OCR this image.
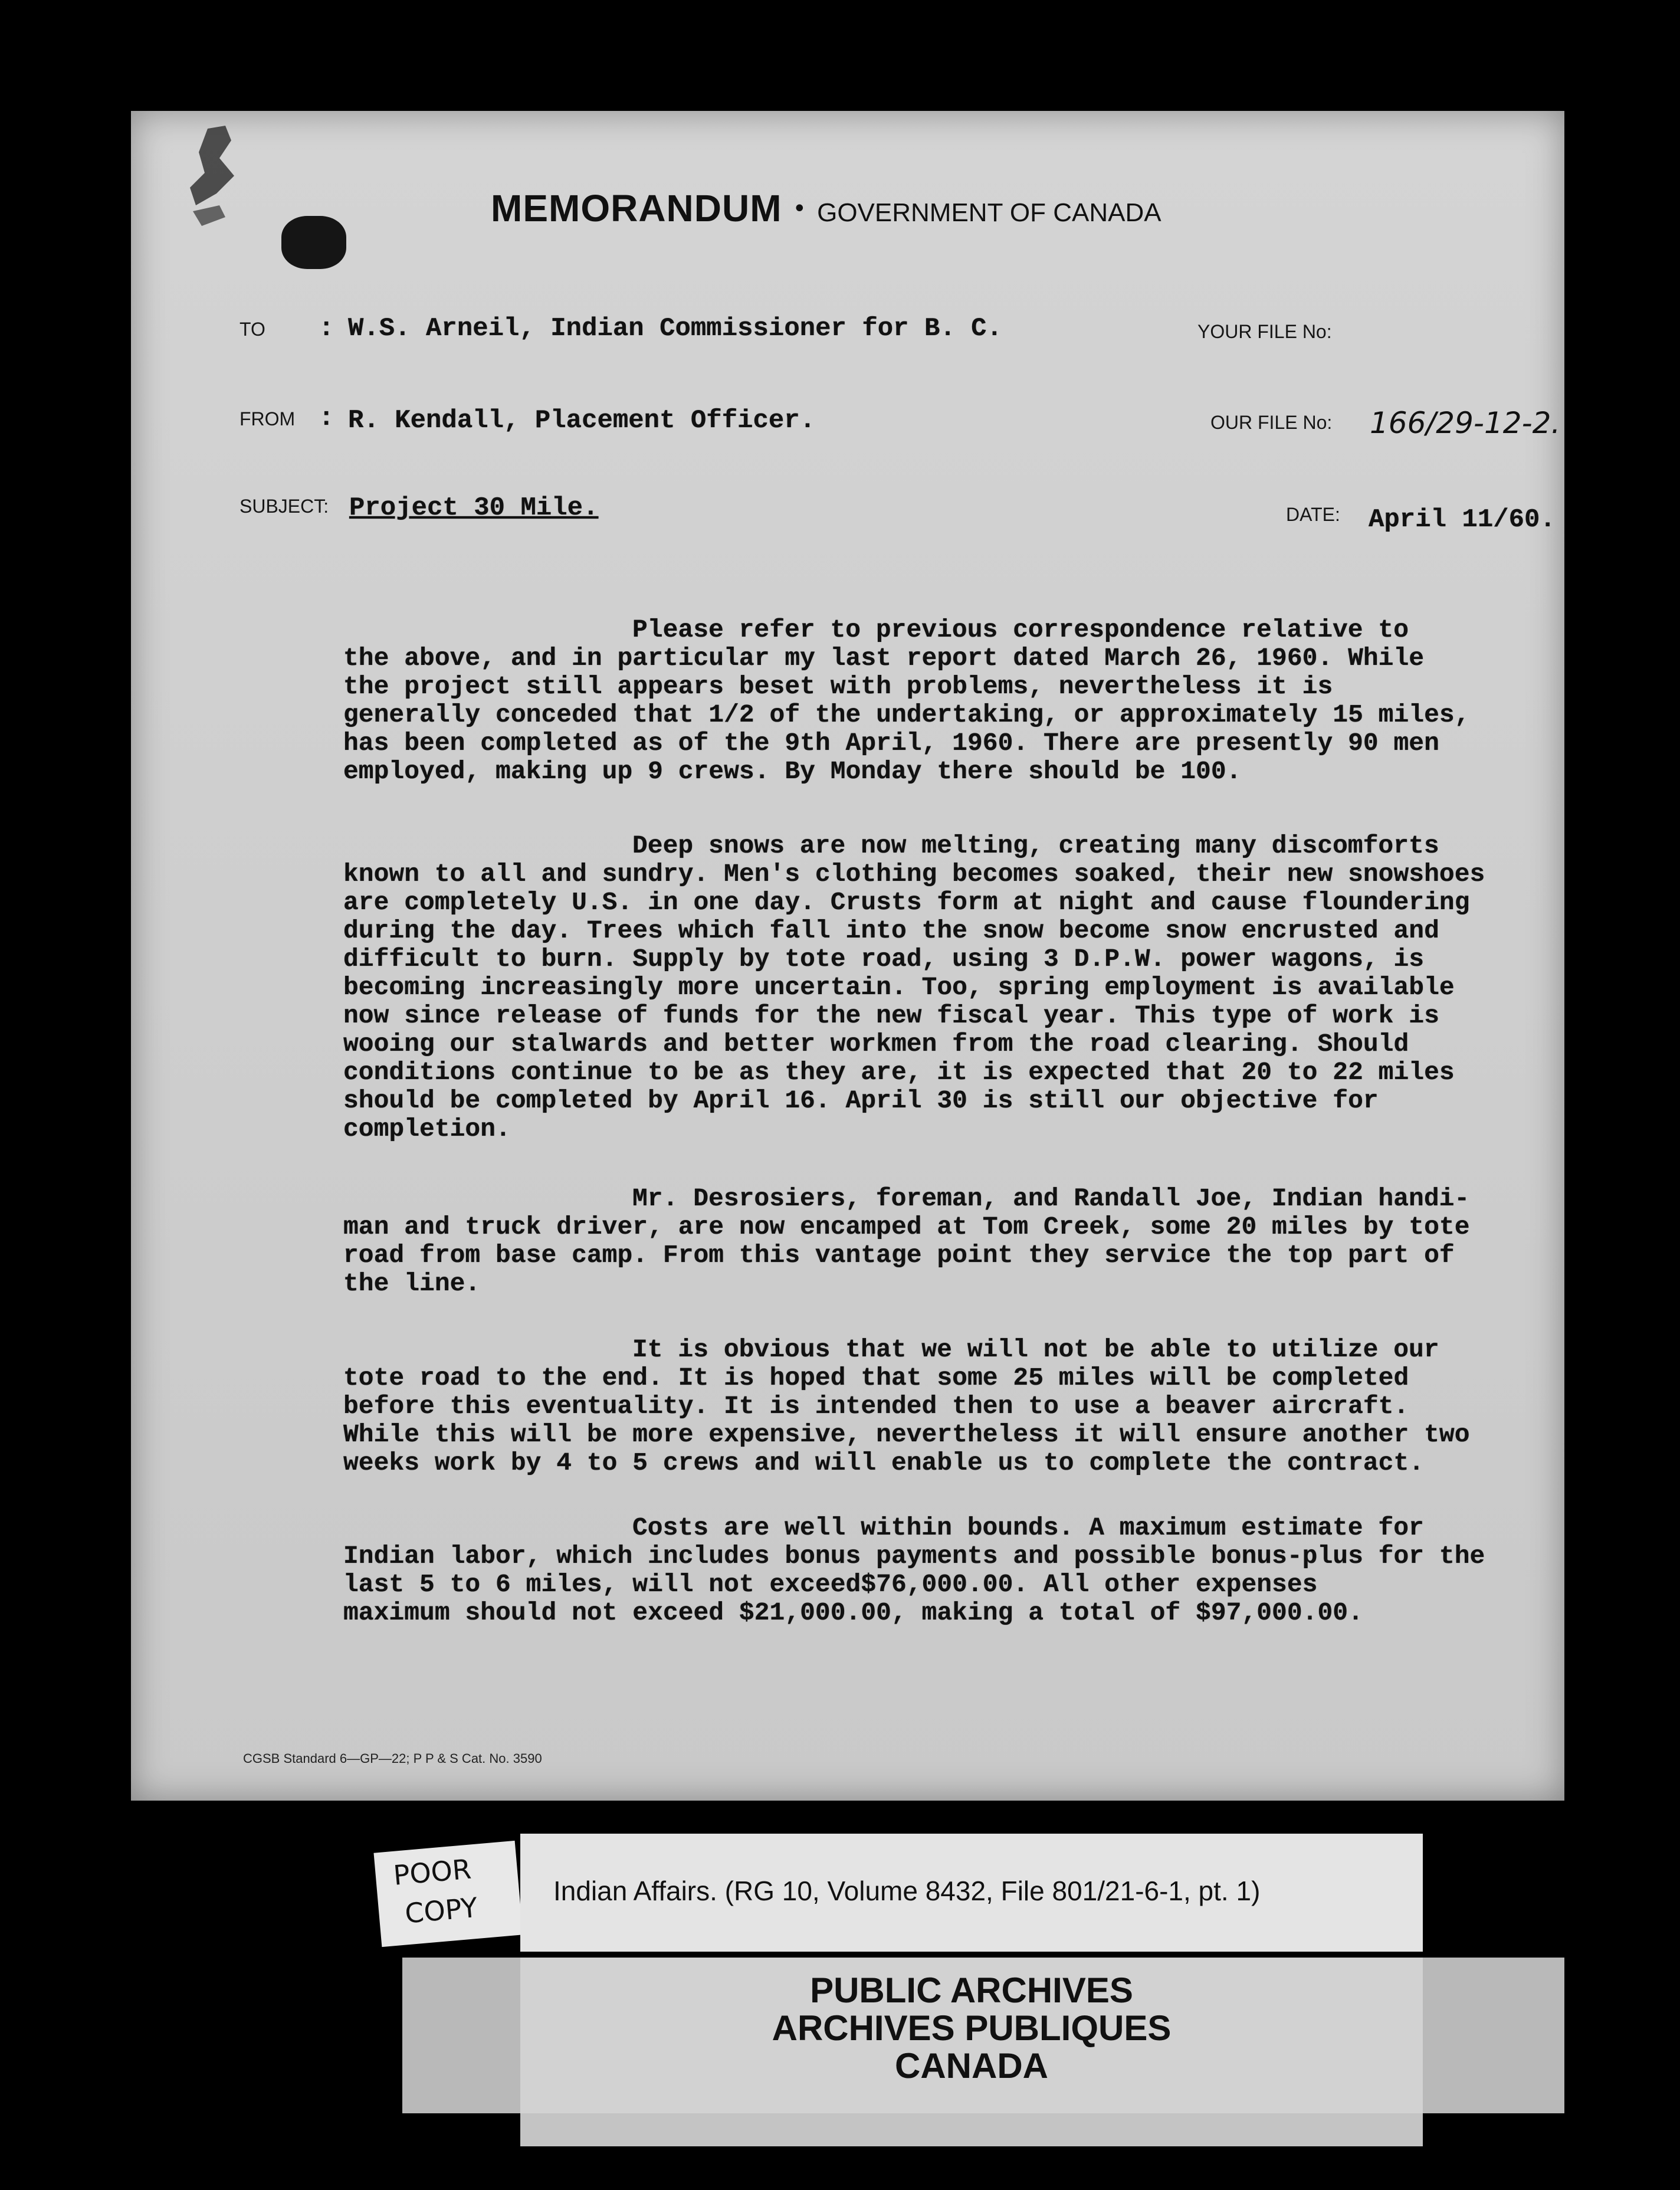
MEMORANDUM • GOVERNMENT OF CANADA
TO : W.S. Arneil, Indian Commissioner for B. C.	YOUR FILE No:
FROM : R. Kendall, Placement Officer.	OUR FILE No: 166/29-12-2.
SUBJECT: Project 30 Mile.	DATE: April 11/60.
Please refer to previous correspondence relative to
the above, and in particular my last report dated March 26, 1960. While
the project still appears beset with problems, nevertheless it is
generally conceded that 1/2 of the undertaking, or approximately 15 miles,
has been completed as of the 9th April, 1960. There are presently 90 men
employed, making up 9 crews. By Monday there should be 100.
Deep snows are now melting, creating many discomforts
known to all and sundry. Men's clothing becomes soaked, their new snowshoes
are completely U.S. in one day. Crusts form at night and cause floundering
during the day. Trees which fall into the snow become snow encrusted and
difficult to burn. Supply by tote road, using 3 D.P.W. power wagons, is
becoming increasingly more uncertain. Too, spring employment is available
now since release of funds for the new fiscal year. This type of work is
wooing our stalwards and better workmen from the road clearing. Should
conditions continue to be as they are, it is expected that 20 to 22 miles
should be completed by April 16. April 30 is still our objective for
completion.
Mr. Desrosiers, foreman, and Randall Joe, Indian handi-
man and truck driver, are now encamped at Tom Creek, some 20 miles by tote
road from base camp. From this vantage point they service the top part of
the line.
It is obvious that we will not be able to utilize our
tote road to the end. It is hoped that some 25 miles will be completed
before this eventuality. It is intended then to use a beaver aircraft.
While this will be more expensive, nevertheless it will ensure another two
weeks work by 4 to 5 crews and will enable us to complete the contract.
Costs are well within bounds. A maximum estimate for
Indian labor, which includes bonus payments and possible bonus-plus for the
last 5 to 6 miles, will not exceed$76,000.00. All other expenses
maximum should not exceed $21,000.00, making a total of $97,000.00.
CGSB Standard 6—GP—22; P P & S Cat. No. 3590
POOR
COPY
Indian Affairs. (RG 10, Volume 8432, File 801/21-6-1, pt. 1)
PUBLIC ARCHIVES
ARCHIVES PUBLIQUES
CANADA
